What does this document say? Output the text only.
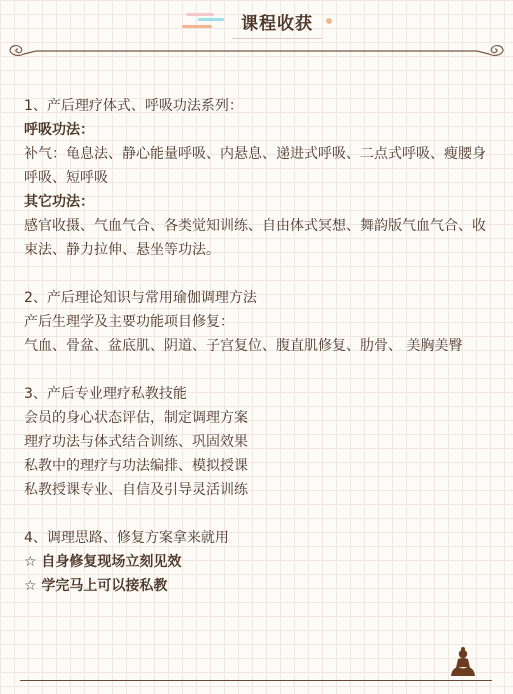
课程收获

1、产后理疗体式、呼吸功法系列：

呼吸功法：

补气：龟息法、静心能量呼吸、内悬息、递进式呼吸、二点式呼吸、瘦腰身呼吸、短呼吸

其它功法：

感官收摄、气血气合、各类觉知训练、自由体式冥想、舞韵版气血气合、收束法、静力拉伸、悬坐等功法。

2、产后理论知识与常用瑜伽调理方法

产后生理学及主要功能项目修复：

气血、骨盆、盆底肌、阴道、子宫复位、腹直肌修复、肋骨、 美胸美臀

3、产后专业理疗私教技能

会员的身心状态评估，制定调理方案

理疗功法与体式结合训练、巩固效果

私教中的理疗与功法编排、模拟授课

私教授课专业、自信及引导灵活训练

4、调理思路、修复方案拿来就用

☆ 自身修复现场立刻见效

☆ 学完马上可以接私教
